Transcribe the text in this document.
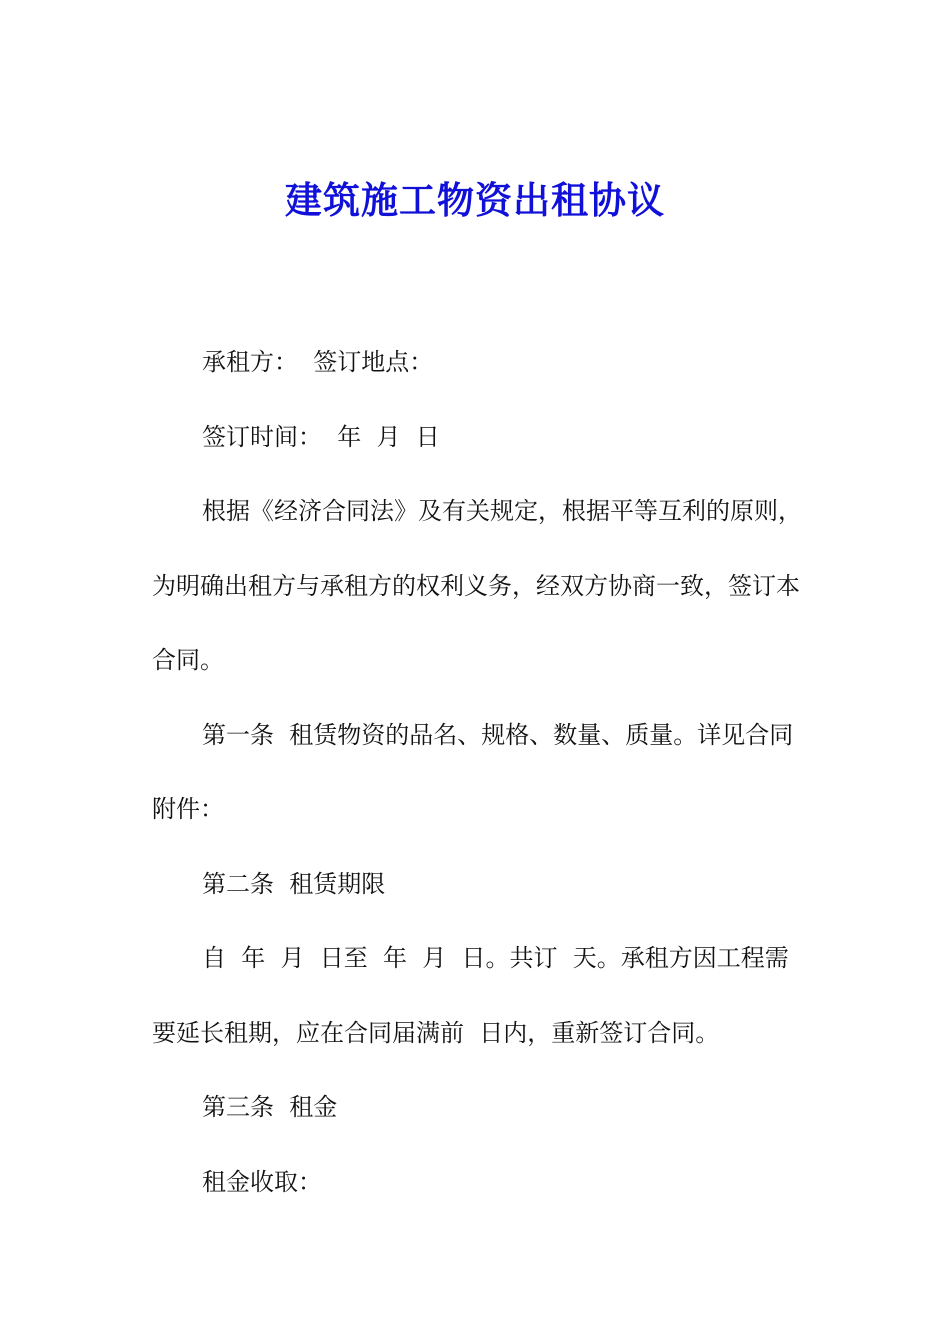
建筑施工物资出租协议

承租方：  签订地点：

签订时间：  年  月  日

根据《经济合同法》及有关规定，根据平等互利的原则，为明确出租方与承租方的权利义务，经双方协商一致，签订本合同。

第一条  租赁物资的品名、规格、数量、质量。详见合同附件：

第二条  租赁期限

自  年  月  日至  年  月  日。共订  天。承租方因工程需要延长租期，应在合同届满前  日内，重新签订合同。

第三条  租金

租金收取：
